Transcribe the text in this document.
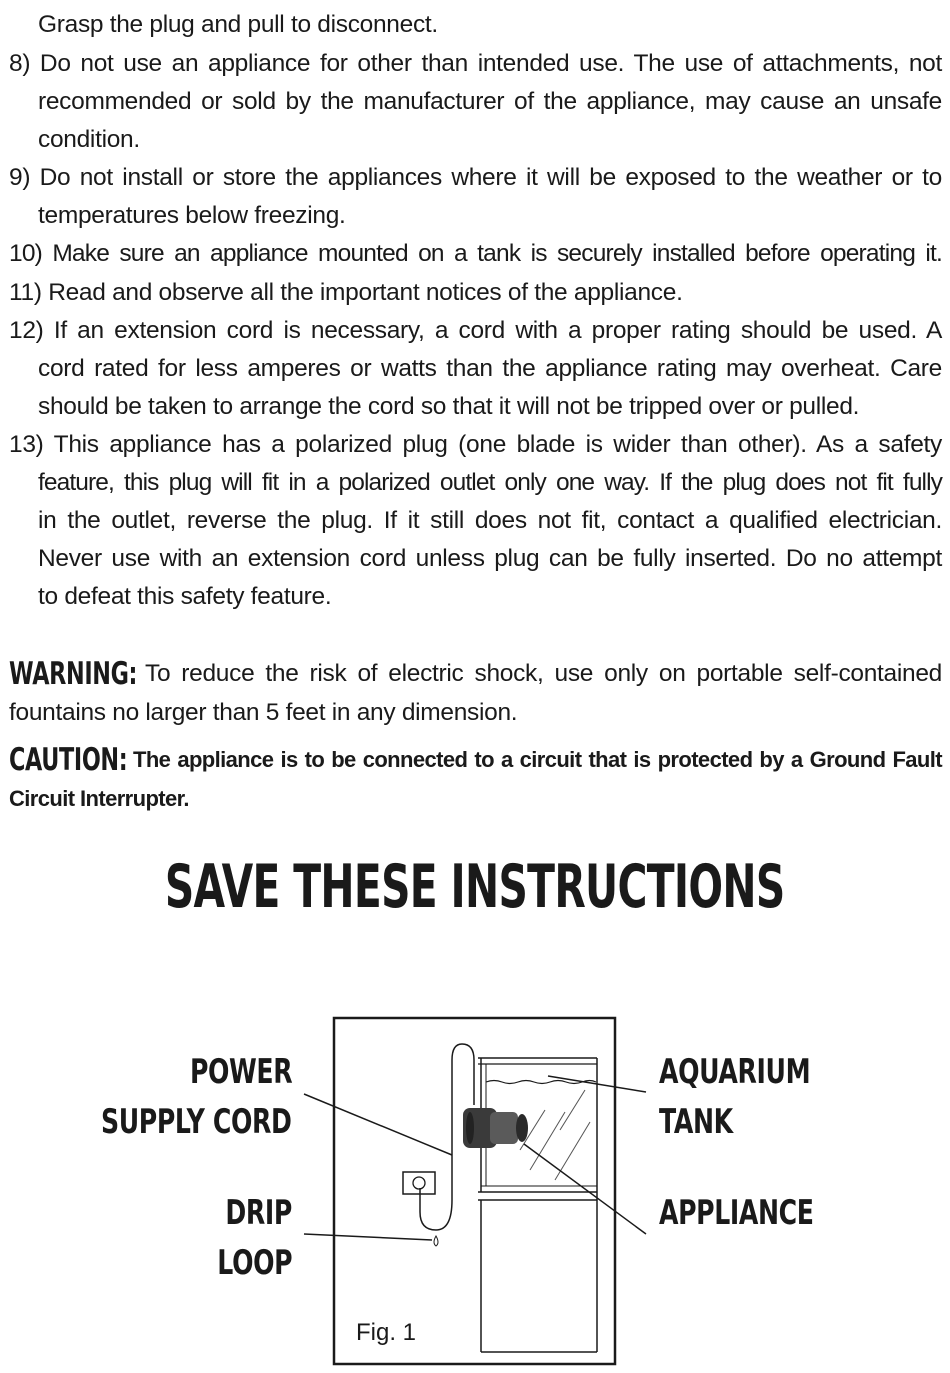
Grasp the plug and pull to disconnect.
8) Do not use an appliance for other than intended use. The use of attachments, not
recommended or sold by the manufacturer of the appliance, may cause an unsafe
condition.
9) Do not install or store the appliances where it will be exposed to the weather or to
temperatures below freezing.
10) Make sure an appliance mounted on a tank is securely installed before operating it.
11) Read and observe all the important notices of the appliance.
12) If an extension cord is necessary, a cord with a proper rating should be used. A
cord rated for less amperes or watts than the appliance rating may overheat. Care
should be taken to arrange the cord so that it will not be tripped over or pulled.
13) This appliance has a polarized plug (one blade is wider than other). As a safety
feature, this plug will fit in a polarized outlet only one way. If the plug does not fit fully
in the outlet, reverse the plug. If it still does not fit, contact a qualified electrician.
Never use with an extension cord unless plug can be fully inserted. Do no attempt
to defeat this safety feature.
WARNING: To reduce the risk of electric shock, use only on portable self-contained
fountains no larger than 5 feet in any dimension.
CAUTION: The appliance is to be connected to a circuit that is protected by a Ground Fault
Circuit Interrupter.
SAVE THESE INSTRUCTIONS
POWER
SUPPLY CORD
DRIP
LOOP
AQUARIUM
TANK
APPLIANCE
Fig. 1
